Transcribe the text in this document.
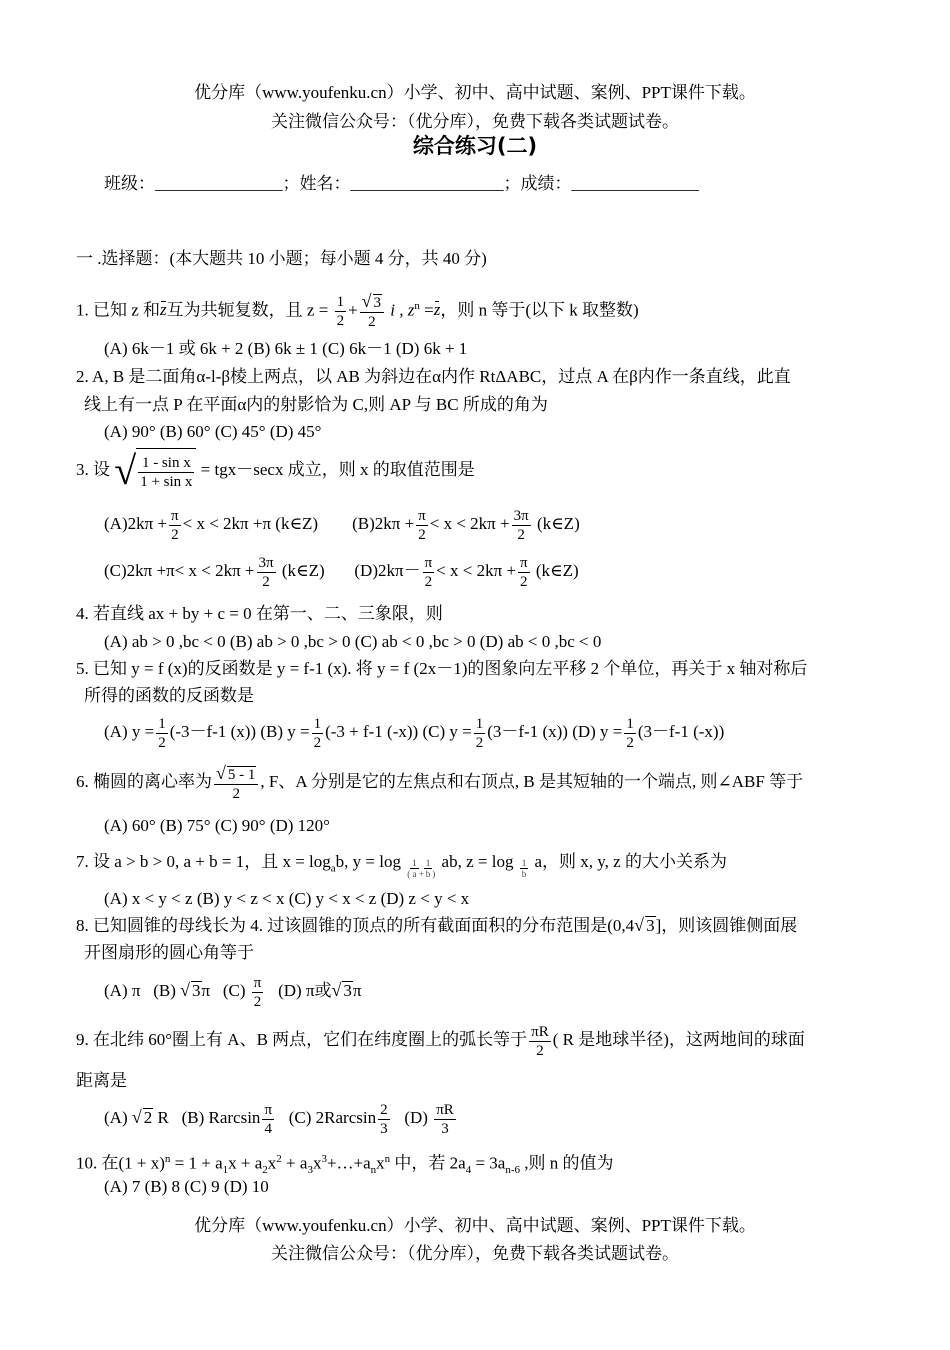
优分库（www.youfenku.cn）小学、初中、高中试题、案例、PPT课件下载。
关注微信公众号：（优分库），免费下载各类试题试卷。
综合练习(二)
班级：_______________；姓名：__________________；成绩：_______________
一 .选择题：(本大题共 10 小题；每小题 4 分，共 40 分)
1. 已知 z 和z互为共轭复数，且 $z = \frac{1}{2} + \frac{√ 3}{2}$ i , $z^n =z$，则 n 等于(以下 k 取整数)
(A) 6k－1 或 6k + 2 (B) 6k ± 1 (C) 6k－1 (D) 6k + 1
2. A, B 是二面角α-l-β棱上两点，以 AB 为斜边在α内作 RtΔABC，过点 A 在β内作一条直线，此直
线上有一点 P 在平面α内的射影恰为 C,则 AP 与 BC 所成的角为
(A) 90° (B) 60° (C) 45° (D) 45°
3. 设 √ $\frac{\text{1 - sin x}}{\text{1 + sin x}} = tgx-\sec x$ 成立，则 x 的取值范围是
$(A)2k\pi + \frac{\pi}{2} < x < 2k\pi +\pi$ (k∈Z) $(B)2k\pi + \frac{\pi}{2} < x < 2k\pi + \frac{3\pi}{2}$ (k∈Z)
$(C)2k\pi +\pi< x < 2k\pi + \frac{3\pi}{2}$ (k∈Z) $(D)2k\pi- \frac{\pi}{2} < x < 2k\pi + \frac{\pi}{2}$ (k∈Z)
4. 若直线 ax + by + c = 0 在第一、二、三象限，则
(A) ab > 0 ,bc < 0 (B) ab > 0 ,bc > 0 (C) ab < 0 ,bc > 0 (D) ab < 0 ,bc < 0
5. 已知 y = f (x)的反函数是 y = f-1 (x). 将 y = f (2x－1)的图象向左平移 2 个单位，再关于 x 轴对称后
所得的函数的反函数是
(A) $y = \frac{1}{2} (-3-f-1$ (x)) (B) $y = \frac{1}{2} (-3 + f-1$ (-x)) (C) $y = \frac{1}{2} (3-f-1$ (x)) (D) $y = \frac{1}{2} (3-f-1$ (-x))
6. 椭圆的离心率为 $\frac{√ 5 - 1}{2}$ , F、A 分别是它的左焦点和右顶点, B 是其短轴的一个端点, 则∠ABF 等于
(A) 60° (B) 75° (C) 90° (D) 120°
7. 设 a > b > 0, a + b = 1，且 $x = \log_ab$, y = log ( $\frac{1}{a} + \frac{1}{b}$ ) ab, $z = \log \frac{1}{b}$ a，则 x, y, z 的大小关系为
(A) x < y < z (B) y < z < x (C) y < x < z (D) z < y < x
8. 已知圆锥的母线长为 4. 过该圆锥的顶点的所有截面面积的分布范围是(0,4√ 3]，则该圆锥侧面展
开图扇形的圆心角等于
(A) π (B) √ 3π $(C) \frac{\pi}{2} (D)$ π或√ 3π
9. 在北纬 60°圈上有 A、B 两点，它们在纬度圈上的弧长等于 $\frac{\pi R}{2}$ ( R 是地球半径)，这两地间的球面
距离是
(A) √ 2 R (B) Rarcsin $\frac{\pi}{4} (C)$ $2Rarcsin \frac{2}{3} (D) \frac{\pi R}{3}$
10. 在$(1 + x)^n = 1 + a_1x + a_2x^2$ + $a_3x^3+\dots+a_nx^n$ 中，若 $2a_4 = 3a_{n-6}$ ,则 n 的值为
(A) 7 (B) 8 (C) 9 (D) 10
优分库（www.youfenku.cn）小学、初中、高中试题、案例、PPT课件下载。
关注微信公众号：（优分库），免费下载各类试题试卷。
